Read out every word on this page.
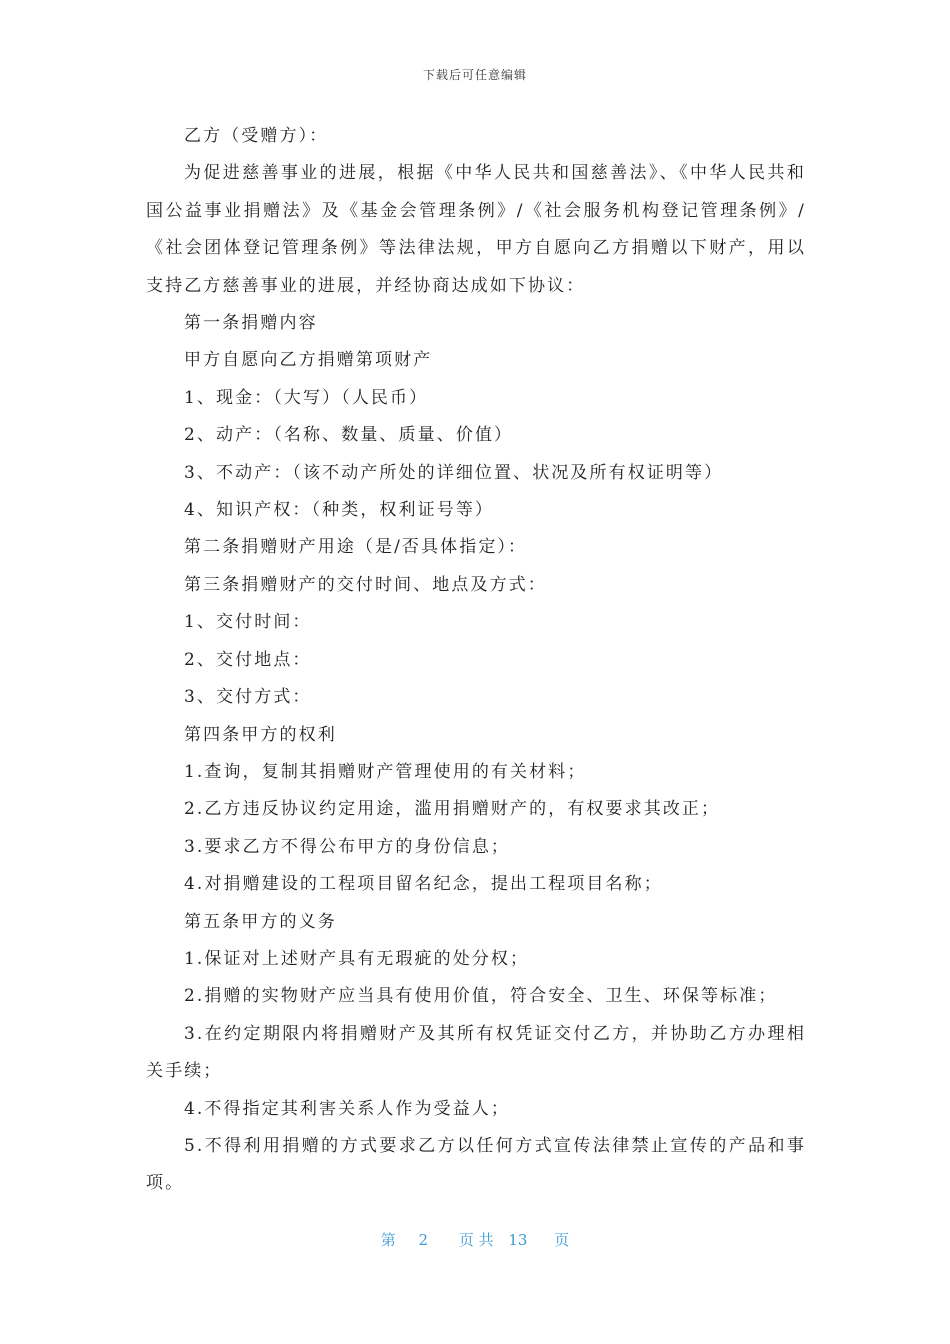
下载后可任意编辑

乙方（受赠方）：

为促进慈善事业的进展，根据《中华人民共和国慈善法》、《中华人民共和国公益事业捐赠法》及《基金会管理条例》/《社会服务机构登记管理条例》/《社会团体登记管理条例》等法律法规，甲方自愿向乙方捐赠以下财产，用以支持乙方慈善事业的进展，并经协商达成如下协议：

第一条捐赠内容

甲方自愿向乙方捐赠第项财产

1、现金：（大写）（人民币）

2、动产：（名称、数量、质量、价值）

3、不动产：（该不动产所处的详细位置、状况及所有权证明等）

4、知识产权：（种类，权利证号等）

第二条捐赠财产用途（是/否具体指定）：

第三条捐赠财产的交付时间、地点及方式：

1、交付时间：

2、交付地点：

3、交付方式：

第四条甲方的权利

1.查询，复制其捐赠财产管理使用的有关材料；

2.乙方违反协议约定用途，滥用捐赠财产的，有权要求其改正；

3.要求乙方不得公布甲方的身份信息；

4.对捐赠建设的工程项目留名纪念，提出工程项目名称；

第五条甲方的义务

1.保证对上述财产具有无瑕疵的处分权；

2.捐赠的实物财产应当具有使用价值，符合安全、卫生、环保等标准；

3.在约定期限内将捐赠财产及其所有权凭证交付乙方，并协助乙方办理相关手续；

4.不得指定其利害关系人作为受益人；

5.不得利用捐赠的方式要求乙方以任何方式宣传法律禁止宣传的产品和事项。

第 2 页 共 13 页
